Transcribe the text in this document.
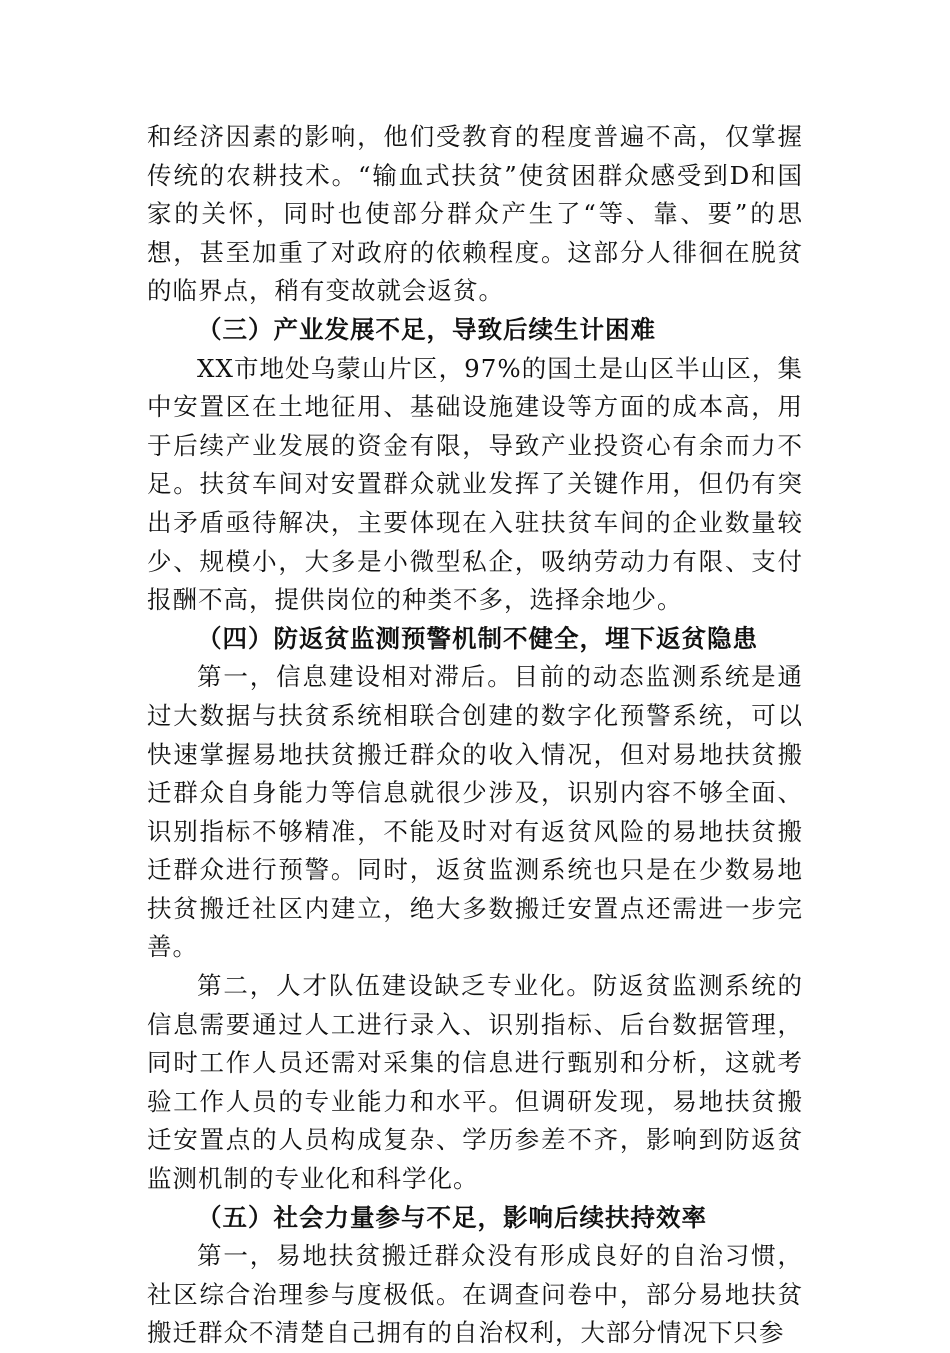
和经济因素的影响，他们受教育的程度普遍不高，仅掌握传统的农耕技术。“输血式扶贫”使贫困群众感受到D和国家的关怀，同时也使部分群众产生了“等、靠、要”的思想，甚至加重了对政府的依赖程度。这部分人徘徊在脱贫的临界点，稍有变故就会返贫。

（三）产业发展不足，导致后续生计困难

XX市地处乌蒙山片区，97%的国土是山区半山区，集中安置区在土地征用、基础设施建设等方面的成本高，用于后续产业发展的资金有限，导致产业投资心有余而力不足。扶贫车间对安置群众就业发挥了关键作用，但仍有突出矛盾亟待解决，主要体现在入驻扶贫车间的企业数量较少、规模小，大多是小微型私企，吸纳劳动力有限、支付报酬不高，提供岗位的种类不多，选择余地少。

（四）防返贫监测预警机制不健全，埋下返贫隐患

第一，信息建设相对滞后。目前的动态监测系统是通过大数据与扶贫系统相联合创建的数字化预警系统，可以快速掌握易地扶贫搬迁群众的收入情况，但对易地扶贫搬迁群众自身能力等信息就很少涉及，识别内容不够全面、识别指标不够精准，不能及时对有返贫风险的易地扶贫搬迁群众进行预警。同时，返贫监测系统也只是在少数易地扶贫搬迁社区内建立，绝大多数搬迁安置点还需进一步完善。

第二，人才队伍建设缺乏专业化。防返贫监测系统的信息需要通过人工进行录入、识别指标、后台数据管理，同时工作人员还需对采集的信息进行甄别和分析，这就考验工作人员的专业能力和水平。但调研发现，易地扶贫搬迁安置点的人员构成复杂、学历参差不齐，影响到防返贫监测机制的专业化和科学化。

（五）社会力量参与不足，影响后续扶持效率

第一，易地扶贫搬迁群众没有形成良好的自治习惯，社区综合治理参与度极低。在调查问卷中，部分易地扶贫搬迁群众不清楚自己拥有的自治权利，大部分情况下只参
